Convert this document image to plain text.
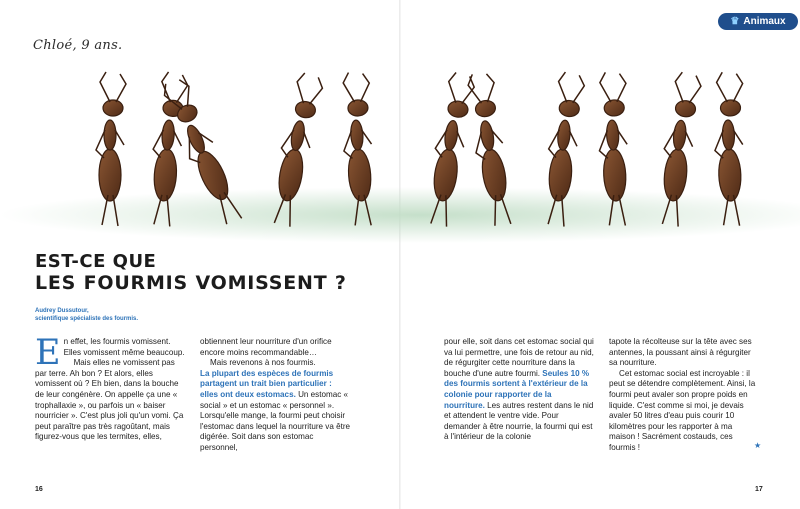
♛ Animaux
Chloé, 9 ans.
EST-CE QUE
LES FOURMIS VOMISSENT ?
Audrey Dussutour,
scientifique spécialiste des fourmis.
E n effet, les fourmis vomissent. Elles vomissent même beaucoup.

Mais elles ne vomissent pas par terre. Ah bon ? Et alors, elles vomissent où ? Eh bien, dans la bouche de leur congénère. On appelle ça une « trophallaxie », ou parfois un « baiser nourricier ». C'est plus joli qu'un vomi. Ça peut paraître pas très ragoûtant, mais figurez-vous que les termites, elles,

obtiennent leur nourriture d'un orifice encore moins recommandable…

Mais revenons à nos fourmis.

La plupart des espèces de fourmis partagent un trait bien particulier : elles ont deux estomacs. Un estomac « social » et un estomac « personnel ». Lorsqu'elle mange, la fourmi peut choisir l'estomac dans lequel la nourriture va être digérée. Soit dans son estomac personnel,

pour elle, soit dans cet estomac social qui va lui permettre, une fois de retour au nid, de régurgiter cette nourriture dans la bouche d'une autre fourmi. Seules 10 % des fourmis sortent à l'extérieur de la colonie pour rapporter de la nourriture. Les autres restent dans le nid et attendent le ventre vide. Pour demander à être nourrie, la fourmi qui est à l'intérieur de la colonie

tapote la récolteuse sur la tête avec ses antennes, la poussant ainsi à régurgiter sa nourriture.

Cet estomac social est incroyable : il peut se détendre complètement. Ainsi, la fourmi peut avaler son propre poids en liquide. C'est comme si moi, je devais avaler 50 litres d'eau puis courir 10 kilomètres pour les rapporter à ma maison ! Sacrément costauds, ces fourmis !	★
16	17
